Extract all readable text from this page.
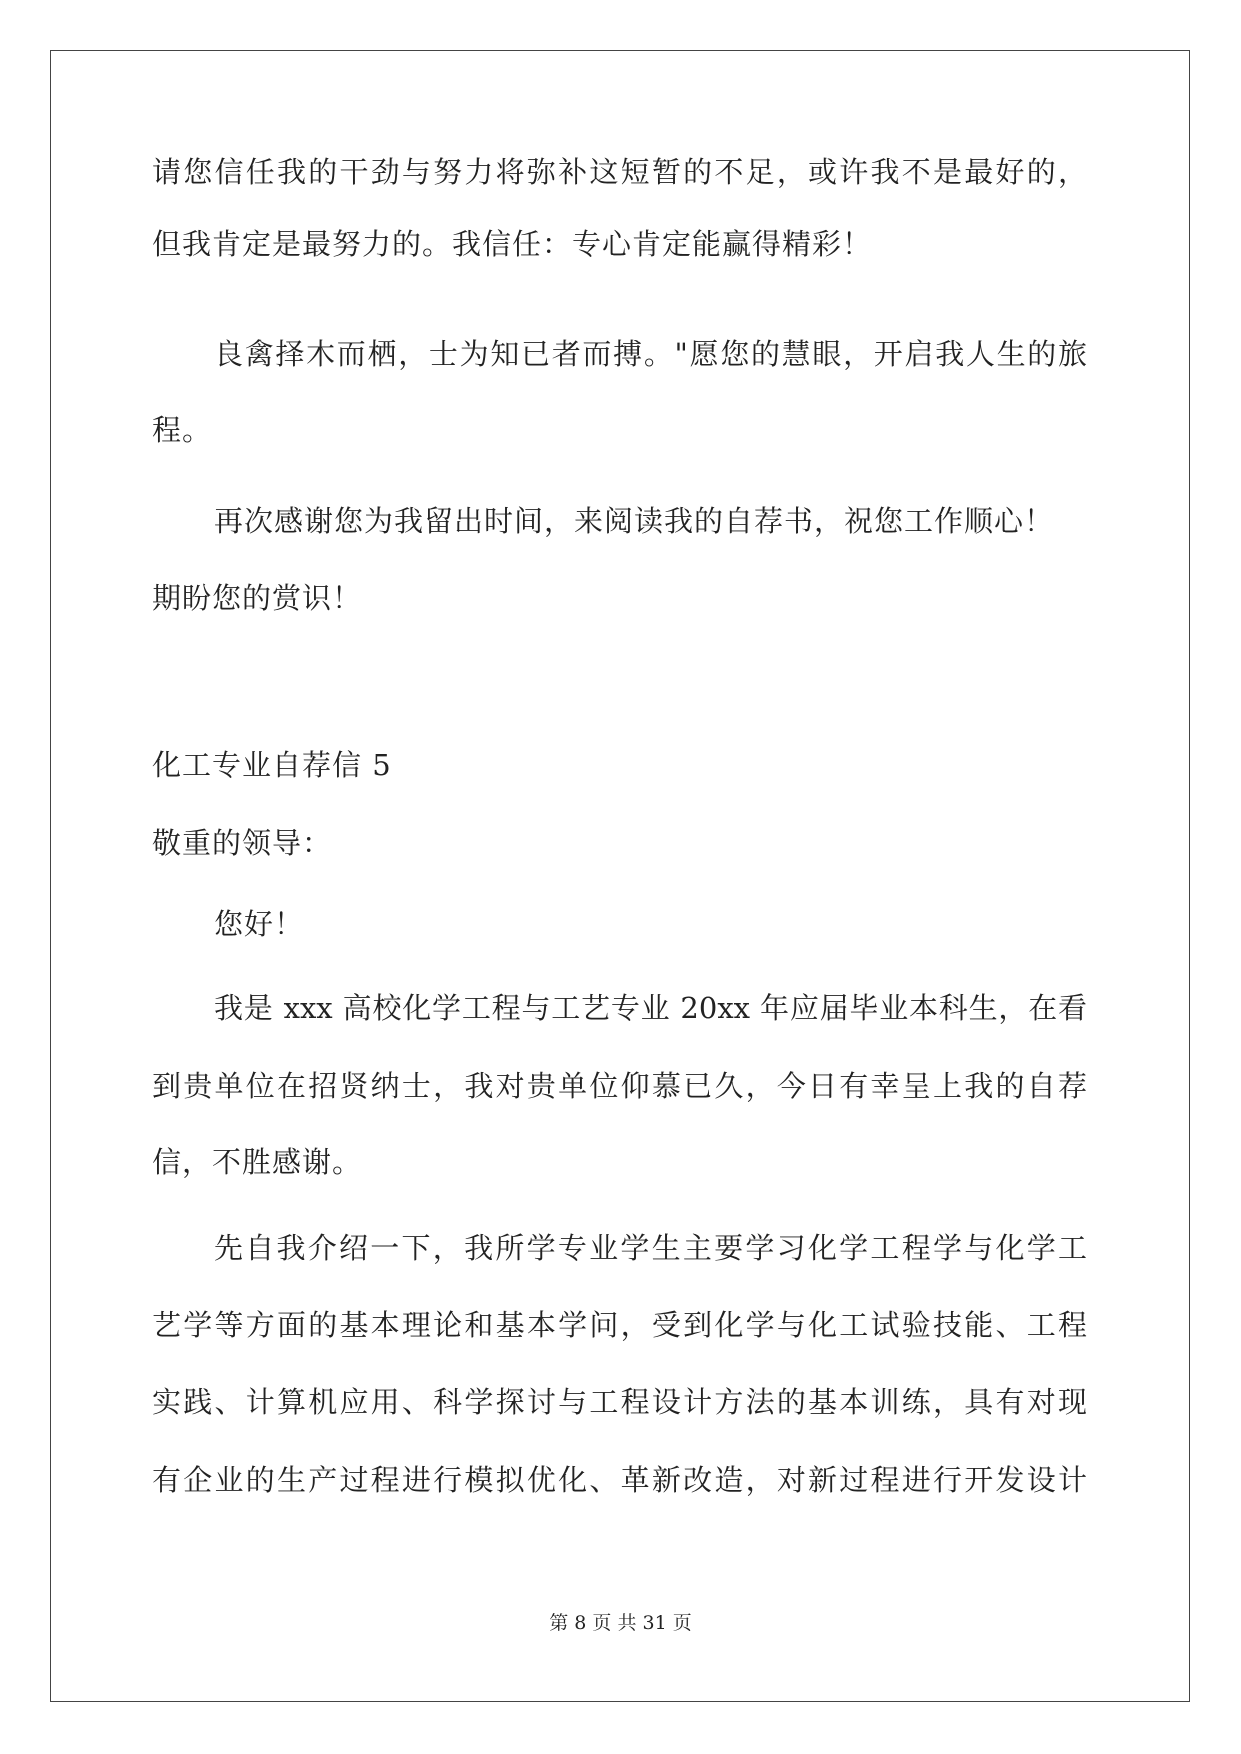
请您信任我的干劲与努力将弥补这短暂的不足，或许我不是最好的，
但我肯定是最努力的。我信任：专心肯定能赢得精彩！
良禽择木而栖，士为知已者而搏。"愿您的慧眼，开启我人生的旅
程。
再次感谢您为我留出时间，来阅读我的自荐书，祝您工作顺心！
期盼您的赏识！
化工专业自荐信 5
敬重的领导：
您好！
我是 xxx 高校化学工程与工艺专业 20xx 年应届毕业本科生，在看
到贵单位在招贤纳士，我对贵单位仰慕已久，今日有幸呈上我的自荐
信，不胜感谢。
先自我介绍一下，我所学专业学生主要学习化学工程学与化学工
艺学等方面的基本理论和基本学问，受到化学与化工试验技能、工程
实践、计算机应用、科学探讨与工程设计方法的基本训练，具有对现
有企业的生产过程进行模拟优化、革新改造，对新过程进行开发设计
第 8 页 共 31 页
